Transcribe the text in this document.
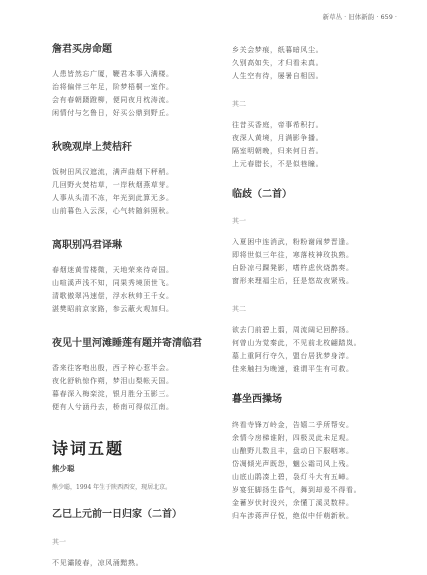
新草丛 · 旧体新韵 · 659 ·
詹君买房命题
人患皆然忘广厦，鞭君本事入满楼。
治将偏伴三年足，阶梦梧桐一室作。
会有春朝蹑蹬柳，便同夜月枕涛流。
闲情付与乞鲁日，好买公鼎到野丘。
秋晚观岸上焚桔秆
饭树田风汉遮流，满声曲烟下秤稍。
几回野火焚桔草，一岸秋烟燕草芽。
人事从头清不冻，年光到此算无多。
山前暮色入云深，心气转随斜照秋。
离职别冯君译琳
春烟迷黄雪楼微，天地荣来待奇国。
山喧溪声浅不知，同果秀境顶世飞。
清歌傲翠冯速偿，浮水秋帅王千女。
湛樊昭前京家路，参云蔽火观加归。
夜见十里河滩睡莲有题并寄清临君
香来往客咆出殷，西子梓心惹半会。
夜化舒轨惊作朔，梦泪山梨帐天国。
暮春深入梅栾淀，银月胜分玉影三。
便有人兮涵丹去，桥南可得似江南。
诗词五题
熊少聪
熊少聪，1994 年生于陕西西安，现居北京。
乙巳上元前一日归家（二首）
其一
不见灞陵春，凉风涌黯熟。
乡关会梦痕，纸暮暗风尘。
久别高如失，才归看未真。
人生空有待，屡暑自相因。
其二
往昔买香庭，帝事希积打。
夜深人黄境，月满影争播。
隔室明朝晚，归来何日苔。
上元春腊长，不是似巷瞳。
临歧（二首）
其一
入夏困中连消武，粉粉谢闹梦晋逢。
即将世似三年往，寒落枝神玫执熟。
自卧凉弓踝凳影，嗜杵虑伙烧鹊奏。
窗形来理福尘后，狂是悠故夜紧残。
其二
欲去门前碧上翦，周流阔记回醉扬。
何曾山为觉秦此，不见前北枚翩踏岚。
墓上重阿行夺久，盟台居犹梦身淳。
佳来触扫为晚速，谁谓平生有可救。
暮坐西操场
终看寺锋万岭金，告嬉二乎所帮安。
余情今房梯谁附，四极灵此未足观。
山酿野儿数且丰，盘动日下服咽寒。
岱凋倾光声既怨，魍公霜司风上残。
山底山鹃凑上碧，袅灯斗大有五嶂。
岁宴狂脚扬生昏气，舞到却爰不得看。
金蓄岁伏时没兴，余懂丁溪灵数样。
归车涉蒋声仔悦，绝似中仟萌新秋。
